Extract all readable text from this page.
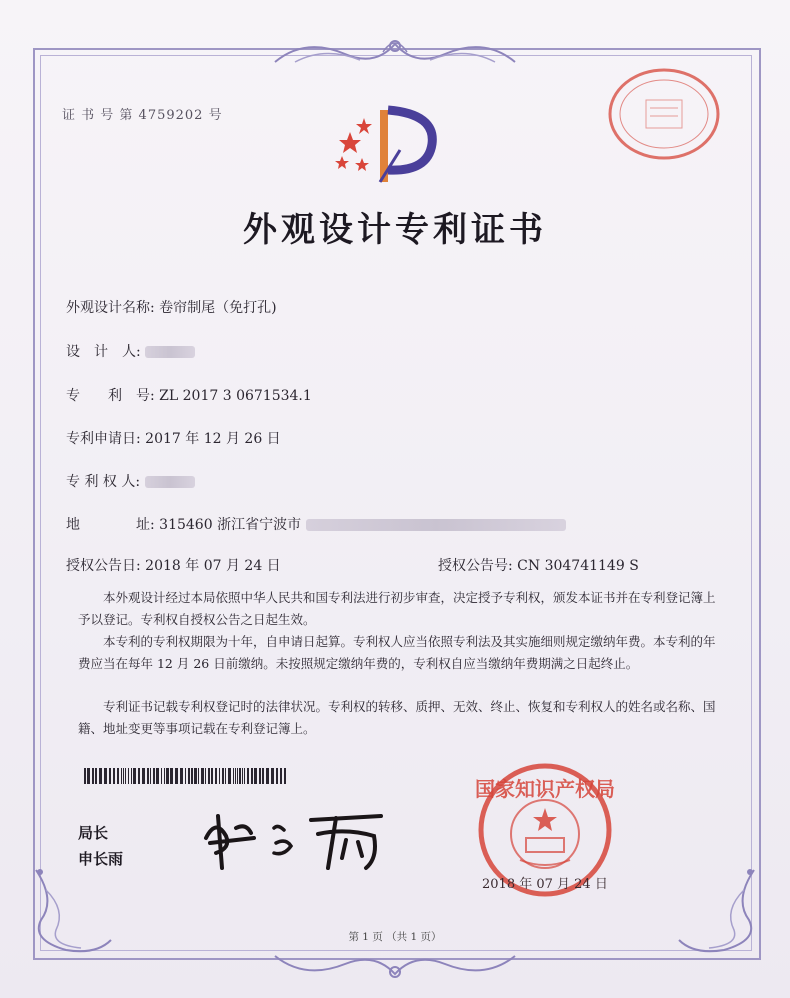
证 书 号 第 4759202 号
外观设计专利证书
外观设计名称: 卷帘制尾（免打孔)
设　计　人:
专　　利　号: ZL 2017 3 0671534.1
专利申请日: 2017 年 12 月 26 日
专 利 权 人:
地　　　　址: 315460 浙江省宁波市
授权公告日: 2018 年 07 月 24 日	授权公告号: CN 304741149 S
本外观设计经过本局依照中华人民共和国专利法进行初步审查，决定授予专利权，颁发本证书并在专利登记簿上予以登记。专利权自授权公告之日起生效。
本专利的专利权期限为十年，自申请日起算。专利权人应当依照专利法及其实施细则规定缴纳年费。本专利的年费应当在每年 12 月 26 日前缴纳。未按照规定缴纳年费的，专利权自应当缴纳年费期满之日起终止。
专利证书记载专利权登记时的法律状况。专利权的转移、质押、无效、终止、恢复和专利权人的姓名或名称、国籍、地址变更等事项记载在专利登记簿上。
局长
申长雨
国家知识产权局
2018 年 07 月 24 日
第 1 页 （共 1 页）
